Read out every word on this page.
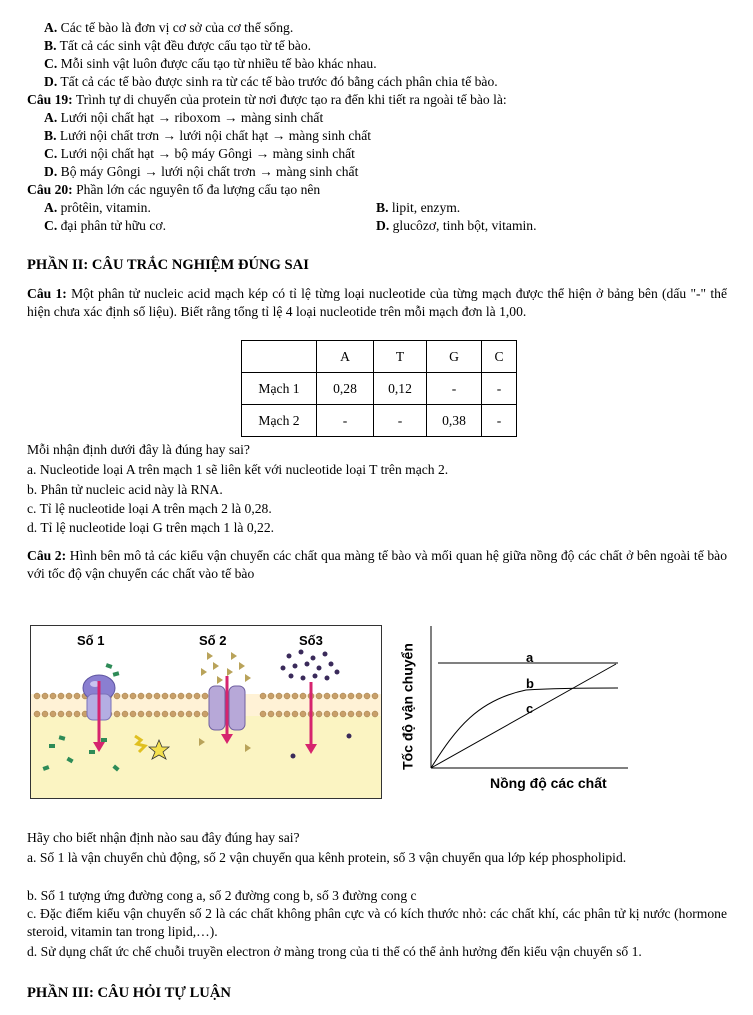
A. Các tế bào là đơn vị cơ sở của cơ thể sống.
B. Tất cả các sinh vật đều được cấu tạo từ tế bào.
C. Mỗi sinh vật luôn được cấu tạo từ nhiều tế bào khác nhau.
D. Tất cả các tế bào được sinh ra từ các tế bào trước đó bằng cách phân chia tế bào.
Câu 19: Trình tự di chuyển của protein từ nơi được tạo ra đến khi tiết ra ngoài tế bào là:
A. Lưới nội chất hạt → riboxom → màng sinh chất
B. Lưới nội chất trơn → lưới nội chất hạt → màng sinh chất
C. Lưới nội chất hạt → bộ máy Gôngi → màng sinh chất
D. Bộ máy Gôngi → lưới nội chất trơn → màng sinh chất
Câu 20: Phần lớn các nguyên tố đa lượng cấu tạo nên
A. prôtêin, vitamin.	B. lipit, enzym.
C. đại phân tử hữu cơ.	D. glucôzơ, tinh bột, vitamin.
PHẦN II: CÂU TRẮC NGHIỆM ĐÚNG SAI
Câu 1: Một phân tử nucleic acid mạch kép có tỉ lệ từng loại nucleotide của từng mạch được thể hiện ở bảng bên (dấu "-" thể hiện chưa xác định số liệu). Biết rằng tổng tỉ lệ 4 loại nucleotide trên mỗi mạch đơn là 1,00.
	A	T	G	C
Mạch 1	0,28	0,12	-	-
Mạch 2	-	-	0,38	-
Mỗi nhận định dưới đây là đúng hay sai?
a. Nucleotide loại A trên mạch 1 sẽ liên kết với nucleotide loại T trên mạch 2.
b. Phân tử nucleic acid này là RNA.
c. Tỉ lệ nucleotide loại A trên mạch 2 là 0,28.
d. Tỉ lệ nucleotide loại G trên mạch 1 là 0,22.
Câu 2: Hình bên mô tả các kiểu vận chuyển các chất qua màng tế bào và mối quan hệ giữa nồng độ các chất ở bên ngoài tế bào với tốc độ vận chuyển các chất vào tế bào
Số 1	Số 2	Số3
a
b
c
Nồng độ các chất
Tốc độ vận chuyển
Hãy cho biết nhận định nào sau đây đúng hay sai?
a. Số 1 là vận chuyển chủ động, số 2 vận chuyển qua kênh protein, số 3 vận chuyển qua lớp kép phospholipid.
b. Số 1 tượng ứng đường cong a, số 2 đường cong b, số 3 đường cong c
c. Đặc điểm kiểu vận chuyển số 2 là các chất không phân cực và có kích thước nhỏ: các chất khí, các phân tử kị nước (hormone steroid, vitamin tan trong lipid,…).
d. Sử dụng chất ức chế chuỗi truyền electron ở màng trong của ti thể có thể ảnh hưởng đến kiểu vận chuyển số 1.
PHẦN III: CÂU HỎI TỰ LUẬN
